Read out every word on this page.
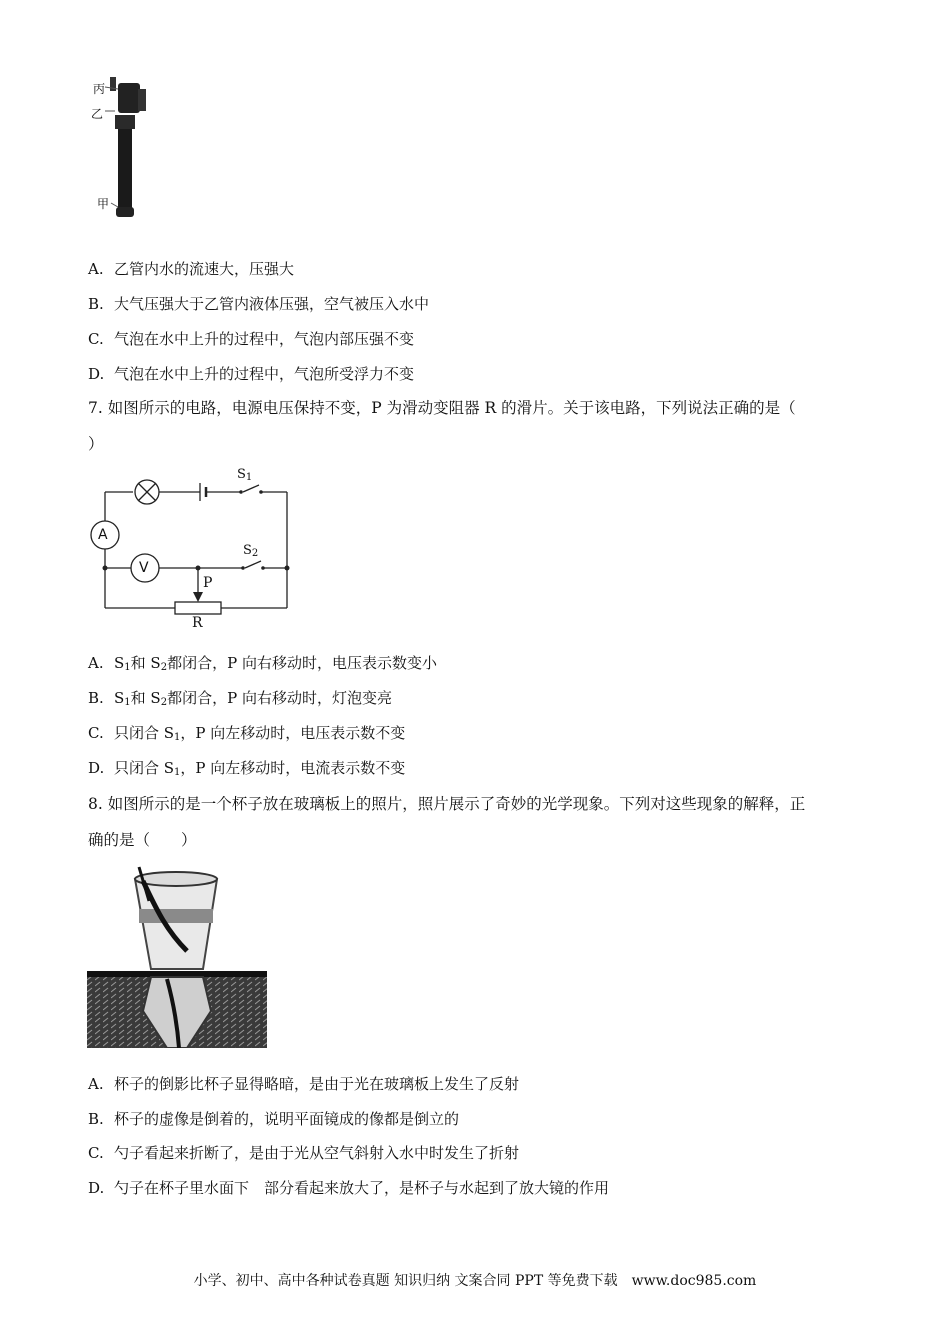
丙
乙
甲
A. 乙管内水的流速大，压强大
B. 大气压强大于乙管内液体压强，空气被压入水中
C. 气泡在水中上升的过程中，气泡内部压强不变
D. 气泡在水中上升的过程中，气泡所受浮力不变
7. 如图所示的电路，电源电压保持不变，P 为滑动变阻器 R 的滑片。关于该电路，下列说法正确的是（
）
A
V
$S_1$
$S_2$
P
R
A. $S_1$和 $S_2$都闭合，P 向右移动时，电压表示数变小
B. $S_1$和 $S_2$都闭合，P 向右移动时，灯泡变亮
C. 只闭合 $S_1$，P 向左移动时，电压表示数不变
D. 只闭合 $S_1$，P 向左移动时，电流表示数不变
8. 如图所示的是一个杯子放在玻璃板上的照片，照片展示了奇妙的光学现象。下列对这些现象的解释，正
确的是（　　）
A. 杯子的倒影比杯子显得略暗，是由于光在玻璃板上发生了反射
B. 杯子的虚像是倒着的，说明平面镜成的像都是倒立的
C. 勺子看起来折断了，是由于光从空气斜射入水中时发生了折射
D. 勺子在杯子里水面下　部分看起来放大了，是杯子与水起到了放大镜的作用
小学、初中、高中各种试卷真题 知识归纳 文案合同 PPT 等免费下载　www.doc985.com
